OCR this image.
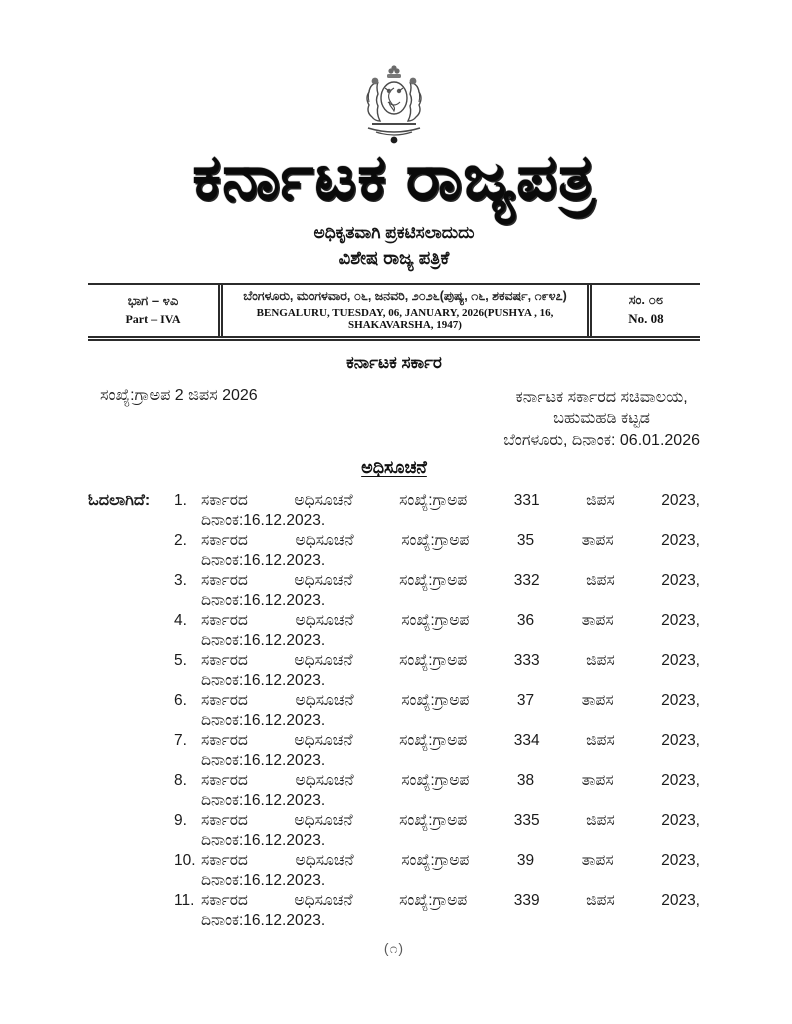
ಕರ್ನಾಟಕ ರಾಜ್ಯಪತ್ರ
ಅಧಿಕೃತವಾಗಿ ಪ್ರಕಟಿಸಲಾದುದು
ವಿಶೇಷ ರಾಜ್ಯ ಪತ್ರಿಕೆ
ಭಾಗ – ೪ಎ
Part – IVA
ಬೆಂಗಳೂರು, ಮಂಗಳವಾರ, ೦೬, ಜನವರಿ, ೨೦೨೬(ಪುಷ್ಯ, ೧೬, ಶಕವರ್ಷ, ೧೯೪೭)
BENGALURU, TUESDAY, 06, JANUARY, 2026(PUSHYA , 16, SHAKAVARSHA, 1947)
ಸಂ. ೦೮
No. 08
ಕರ್ನಾಟಕ ಸರ್ಕಾರ
ಸಂಖ್ಯೆ:ಗ್ರಾಅಪ 2 ಜಿಪಸ 2026	ಕರ್ನಾಟಕ ಸರ್ಕಾರದ ಸಚಿವಾಲಯ,
ಬಹುಮಹಡಿ ಕಟ್ಟಡ
ಬೆಂಗಳೂರು, ದಿನಾಂಕ: 06.01.2026
ಅಧಿಸೂಚನೆ
ಓದಲಾಗಿದೆ:	1. ಸರ್ಕಾರದ	ಅಧಿಸೂಚನೆ	ಸಂಖ್ಯೆ:ಗ್ರಾಅಪ	331	ಜಿಪಸ	2023,
ದಿನಾಂಕ:16.12.2023.
2. ಸರ್ಕಾರದ	ಅಧಿಸೂಚನೆ	ಸಂಖ್ಯೆ:ಗ್ರಾಅಪ	35	ತಾಪಸ	2023,
ದಿನಾಂಕ:16.12.2023.
3. ಸರ್ಕಾರದ	ಅಧಿಸೂಚನೆ	ಸಂಖ್ಯೆ:ಗ್ರಾಅಪ	332	ಜಿಪಸ	2023,
ದಿನಾಂಕ:16.12.2023.
4. ಸರ್ಕಾರದ	ಅಧಿಸೂಚನೆ	ಸಂಖ್ಯೆ:ಗ್ರಾಅಪ	36	ತಾಪಸ	2023,
ದಿನಾಂಕ:16.12.2023.
5. ಸರ್ಕಾರದ	ಅಧಿಸೂಚನೆ	ಸಂಖ್ಯೆ:ಗ್ರಾಅಪ	333	ಜಿಪಸ	2023,
ದಿನಾಂಕ:16.12.2023.
6. ಸರ್ಕಾರದ	ಅಧಿಸೂಚನೆ	ಸಂಖ್ಯೆ:ಗ್ರಾಅಪ	37	ತಾಪಸ	2023,
ದಿನಾಂಕ:16.12.2023.
7. ಸರ್ಕಾರದ	ಅಧಿಸೂಚನೆ	ಸಂಖ್ಯೆ:ಗ್ರಾಅಪ	334	ಜಿಪಸ	2023,
ದಿನಾಂಕ:16.12.2023.
8. ಸರ್ಕಾರದ	ಅಧಿಸೂಚನೆ	ಸಂಖ್ಯೆ:ಗ್ರಾಅಪ	38	ತಾಪಸ	2023,
ದಿನಾಂಕ:16.12.2023.
9. ಸರ್ಕಾರದ	ಅಧಿಸೂಚನೆ	ಸಂಖ್ಯೆ:ಗ್ರಾಅಪ	335	ಜಿಪಸ	2023,
ದಿನಾಂಕ:16.12.2023.
10. ಸರ್ಕಾರದ	ಅಧಿಸೂಚನೆ	ಸಂಖ್ಯೆ:ಗ್ರಾಅಪ	39	ತಾಪಸ	2023,
ದಿನಾಂಕ:16.12.2023.
11. ಸರ್ಕಾರದ	ಅಧಿಸೂಚನೆ	ಸಂಖ್ಯೆ:ಗ್ರಾಅಪ	339	ಜಿಪಸ	2023,
ದಿನಾಂಕ:16.12.2023.
(೧)
